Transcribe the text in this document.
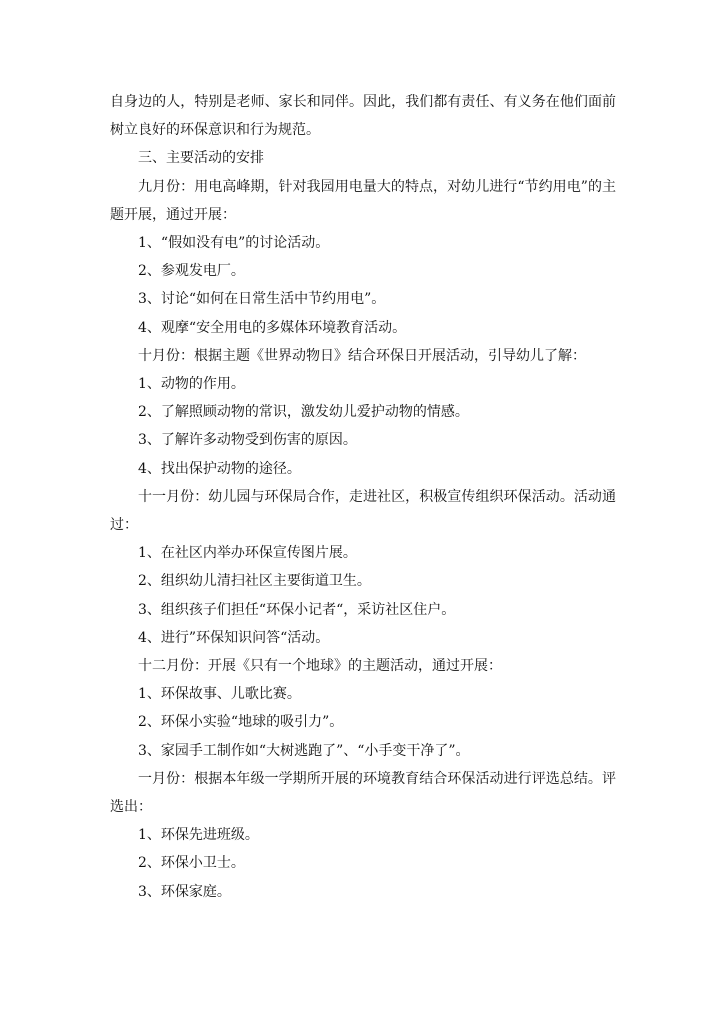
自身边的人，特别是老师、家长和同伴。因此，我们都有责任、有义务在他们面前树立良好的环保意识和行为规范。

三、主要活动的安排

九月份：用电高峰期，针对我园用电量大的特点，对幼儿进行“节约用电”的主题开展，通过开展：

1、“假如没有电”的讨论活动。

2、参观发电厂。

3、讨论“如何在日常生活中节约用电”。

4、观摩“安全用电的多媒体环境教育活动。

十月份：根据主题《世界动物日》结合环保日开展活动，引导幼儿了解：

1、动物的作用。

2、了解照顾动物的常识，激发幼儿爱护动物的情感。

3、了解许多动物受到伤害的原因。

4、找出保护动物的途径。

十一月份：幼儿园与环保局合作，走进社区，积极宣传组织环保活动。活动通过：

1、在社区内举办环保宣传图片展。

2、组织幼儿清扫社区主要街道卫生。

3、组织孩子们担任“环保小记者“，采访社区住户。

4、进行”环保知识问答“活动。

十二月份：开展《只有一个地球》的主题活动，通过开展：

1、环保故事、儿歌比赛。

2、环保小实验“地球的吸引力”。

3、家园手工制作如“大树逃跑了”、“小手变干净了”。

一月份：根据本年级一学期所开展的环境教育结合环保活动进行评选总结。评选出：

1、环保先进班级。

2、环保小卫士。

3、环保家庭。
